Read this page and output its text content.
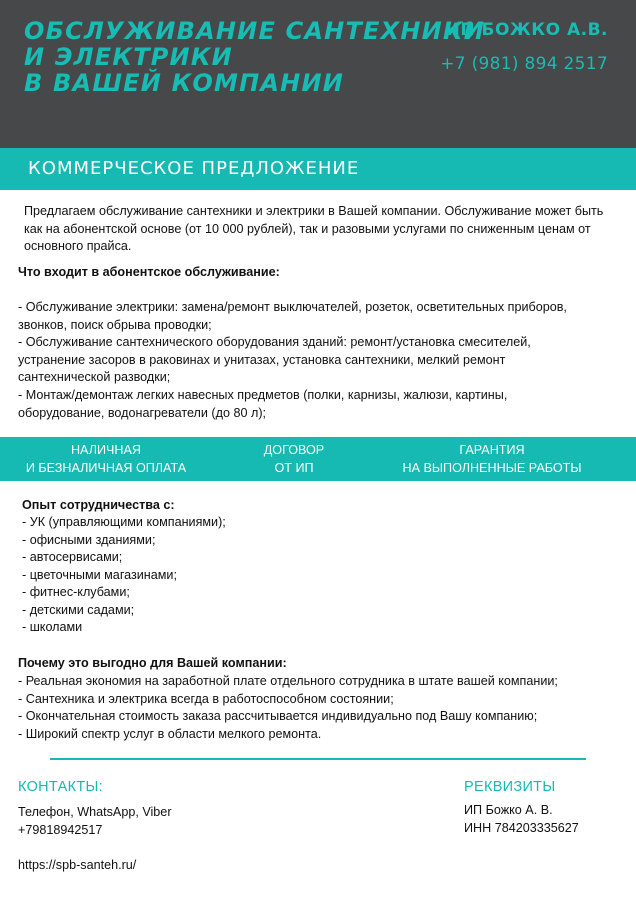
ОБСЛУЖИВАНИЕ САНТЕХНИКИ
И ЭЛЕКТРИКИ
В ВАШЕЙ КОМПАНИИ
ИП БОЖКО А.В.
+7 (981) 894 2517
КОММЕРЧЕСКОЕ ПРЕДЛОЖЕНИЕ
Предлагаем обслуживание сантехники и электрики в Вашей компании. Обслуживание может быть как на абонентской основе (от 10 000 рублей), так и разовыми услугами по сниженным ценам от основного прайса.
Что входит в абонентское обслуживание:
- Обслуживание электрики: замена/ремонт выключателей, розеток, осветительных приборов, звонков, поиск обрыва проводки;
- Обслуживание сантехнического оборудования зданий: ремонт/установка смесителей, устранение засоров в раковинах и унитазах, установка сантехники, мелкий ремонт сантехнической разводки;
- Монтаж/демонтаж легких навесных предметов (полки, карнизы, жалюзи, картины, оборудование, водонагреватели (до 80 л);
НАЛИЧНАЯ
И БЕЗНАЛИЧНАЯ ОПЛАТА
ДОГОВОР
ОТ ИП
ГАРАНТИЯ
НА ВЫПОЛНЕННЫЕ РАБОТЫ
Опыт сотрудничества с:
- УК (управляющими компаниями);
- офисными зданиями;
- автосервисами;
- цветочными магазинами;
- фитнес-клубами;
- детскими садами;
- школами
Почему это выгодно для Вашей компании:
- Реальная экономия на заработной плате отдельного сотрудника в штате вашей компании;
- Сантехника и электрика всегда в работоспособном состоянии;
- Окончательная стоимость заказа рассчитывается индивидуально под Вашу компанию;
- Широкий спектр услуг в области мелкого ремонта.
КОНТАКТЫ:
Телефон, WhatsApp, Viber
+79818942517
https://spb-santeh.ru/
РЕКВИЗИТЫ
ИП Божко А. В.
ИНН 784203335627
